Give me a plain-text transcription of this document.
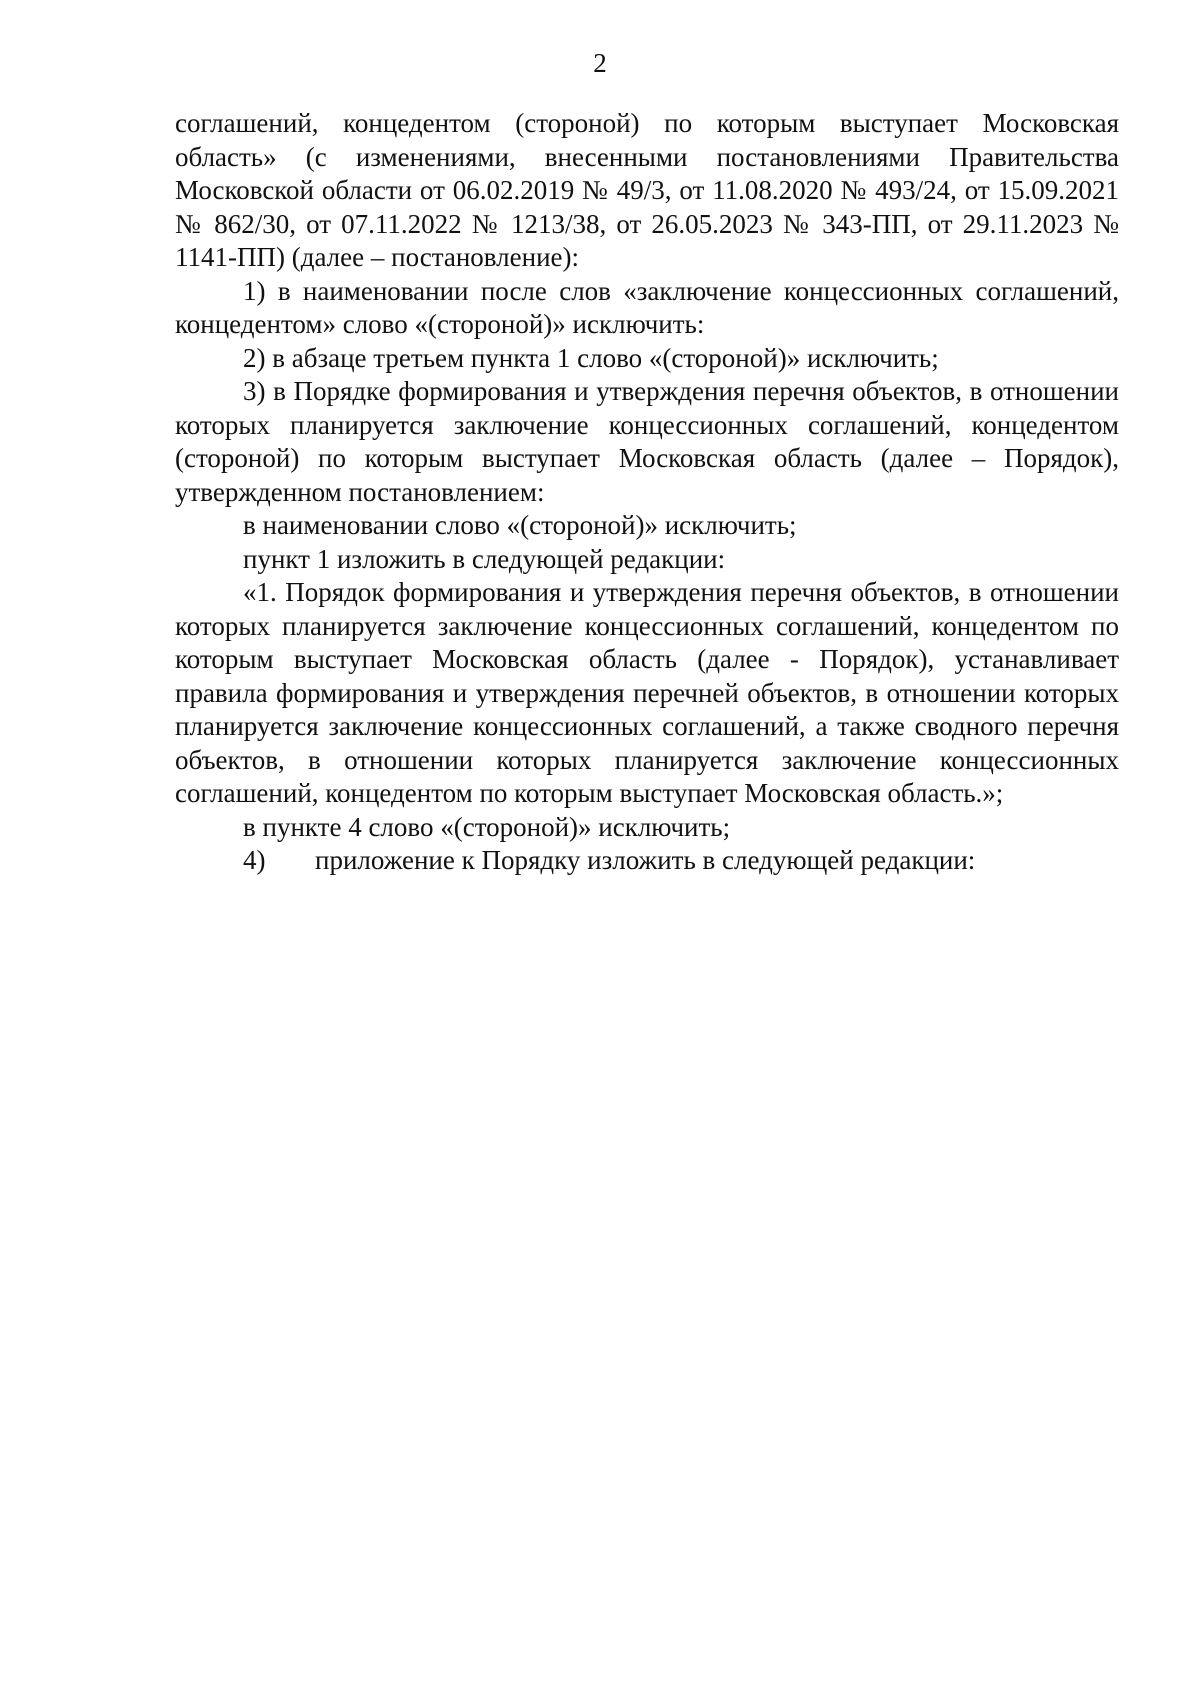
2

соглашений, концедентом (стороной) по которым выступает Московская область» (с изменениями, внесенными постановлениями Правительства Московской области от 06.02.2019 № 49/3, от 11.08.2020 № 493/24, от 15.09.2021 № 862/30, от 07.11.2022 № 1213/38, от 26.05.2023 № 343-ПП, от 29.11.2023 № 1141-ПП) (далее – постановление):

1) в наименовании после слов «заключение концессионных соглашений, концедентом» слово «(стороной)» исключить:

2) в абзаце третьем пункта 1 слово «(стороной)» исключить;

3) в Порядке формирования и утверждения перечня объектов, в отношении которых планируется заключение концессионных соглашений, концедентом (стороной) по которым выступает Московская область (далее – Порядок), утвержденном постановлением:

в наименовании слово «(стороной)» исключить;

пункт 1 изложить в следующей редакции:

«1. Порядок формирования и утверждения перечня объектов, в отношении которых планируется заключение концессионных соглашений, концедентом по которым выступает Московская область (далее - Порядок), устанавливает правила формирования и утверждения перечней объектов, в отношении которых планируется заключение концессионных соглашений, а также сводного перечня объектов, в отношении которых планируется заключение концессионных соглашений, концедентом по которым выступает Московская область.»;

в пункте 4 слово «(стороной)» исключить;

4)	приложение к Порядку изложить в следующей редакции:
